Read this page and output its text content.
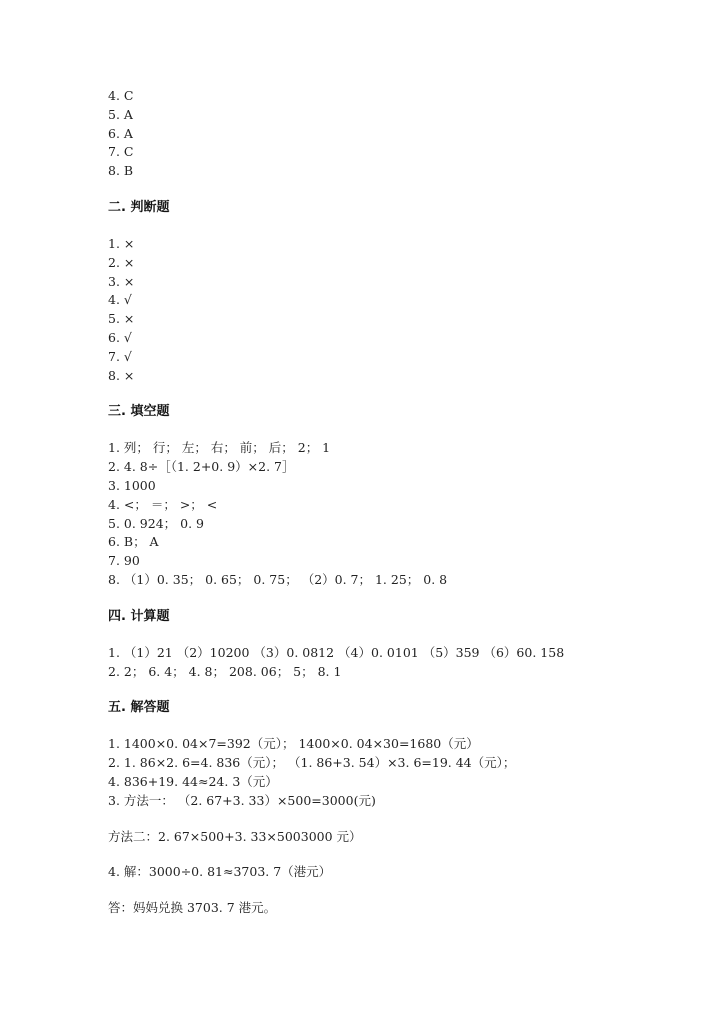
4. C
5. A
6. A
7. C
8. B
二. 判断题
1. ×
2. ×
3. ×
4. √
5. ×
6. √
7. √
8. ×
三. 填空题
1. 列； 行； 左； 右； 前； 后； 2； 1
2. 4. 8÷［（1. 2+0. 9）×2. 7］
3. 1000
4. <； ＝； >； <
5. 0. 924； 0. 9
6. B； A
7. 90
8. （1）0. 35； 0. 65； 0. 75； （2）0. 7； 1. 25； 0. 8
四. 计算题
1. （1）21 （2）10200 （3）0. 0812 （4）0. 0101 （5）359 （6）60. 158
2. 2； 6. 4； 4. 8； 208. 06； 5； 8. 1
五. 解答题
1. 1400×0. 04×7=392（元）； 1400×0. 04×30=1680（元）
2. 1. 86×2. 6=4. 836（元）； （1. 86+3. 54）×3. 6=19. 44（元）；
4. 836+19. 44≈24. 3（元）
3. 方法一： （2. 67+3. 33）×500=3000(元)
方法二：2. 67×500+3. 33×5003000 元）
4. 解：3000÷0. 81≈3703. 7（港元）
答：妈妈兑换 3703. 7 港元。
